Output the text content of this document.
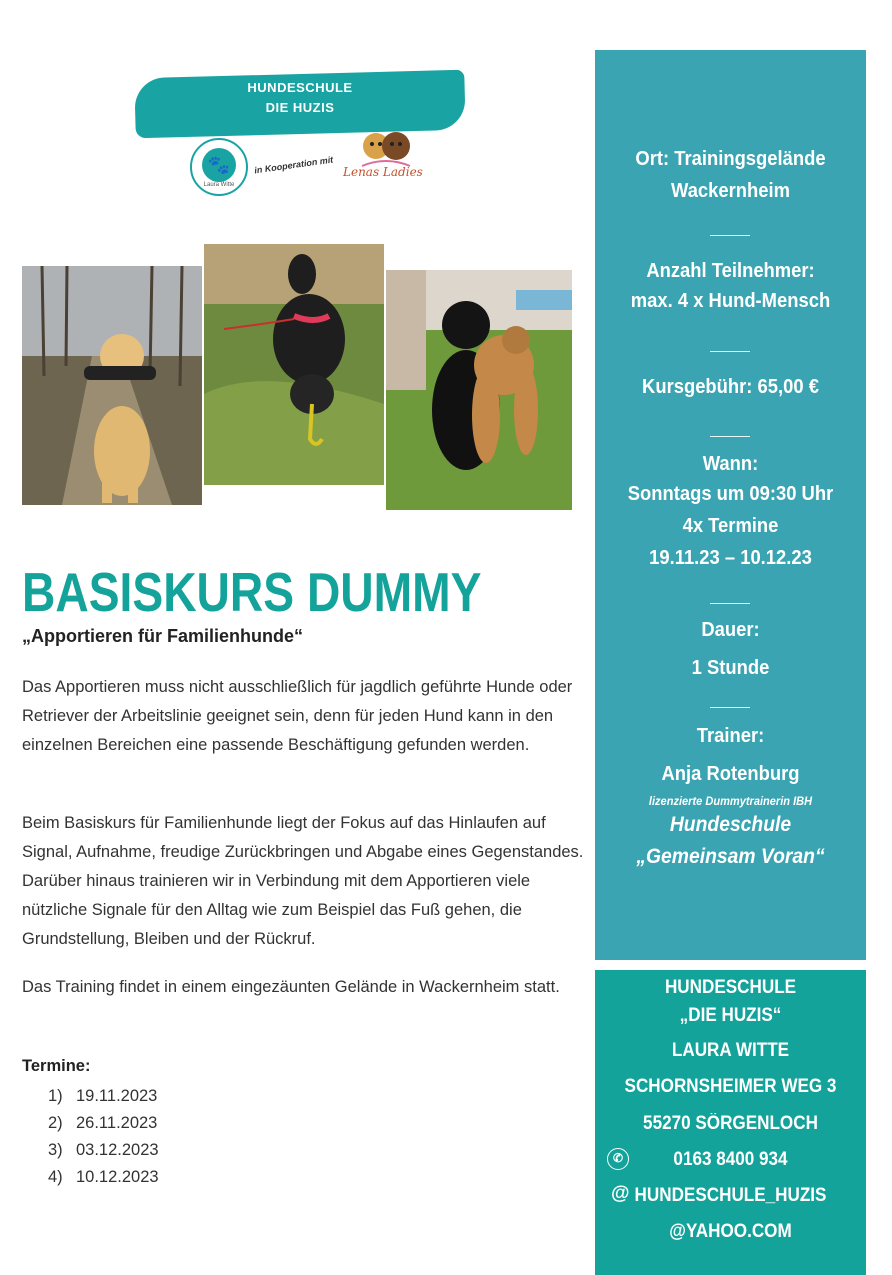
HUNDESCHULE
DIE HUZIS
🐾
Laura Witte
in Kooperation mit Lenas Ladies
BASISKURS DUMMY
„Apportieren für Familienhunde“
Das Apportieren muss nicht ausschließlich für jagdlich geführte Hunde oder Retriever der Arbeitslinie geeignet sein, denn für jeden Hund kann in den einzelnen Bereichen eine passende Beschäftigung gefunden werden.
Beim Basiskurs für Familienhunde liegt der Fokus auf das Hinlaufen auf Signal, Aufnahme, freudige Zurückbringen und Abgabe eines Gegenstandes. Darüber hinaus trainieren wir in Verbindung mit dem Apportieren viele nützliche Signale für den Alltag wie zum Beispiel das Fuß gehen, die Grundstellung, Bleiben und der Rückruf.
Das Training findet in einem eingezäunten Gelände in Wackernheim statt.
Termine:
1) 19.11.2023
2) 26.11.2023
3) 03.12.2023
4) 10.12.2023
Ort: Trainingsgelände
Wackernheim
Anzahl Teilnehmer:
max. 4 x Hund-Mensch
Kursgebühr: 65,00 €
Wann:
Sonntags um 09:30 Uhr
4x Termine
19.11.23 – 10.12.23
Dauer:
1 Stunde
Trainer:
Anja Rotenburg
lizenzierte Dummytrainerin IBH
Hundeschule
„Gemeinsam Voran“
HUNDESCHULE
„DIE HUZIS“
LAURA WITTE
SCHORNSHEIMER WEG 3
55270 SÖRGENLOCH
✆	0163 8400 934
@ HUNDESCHULE_HUZIS
@YAHOO.COM
